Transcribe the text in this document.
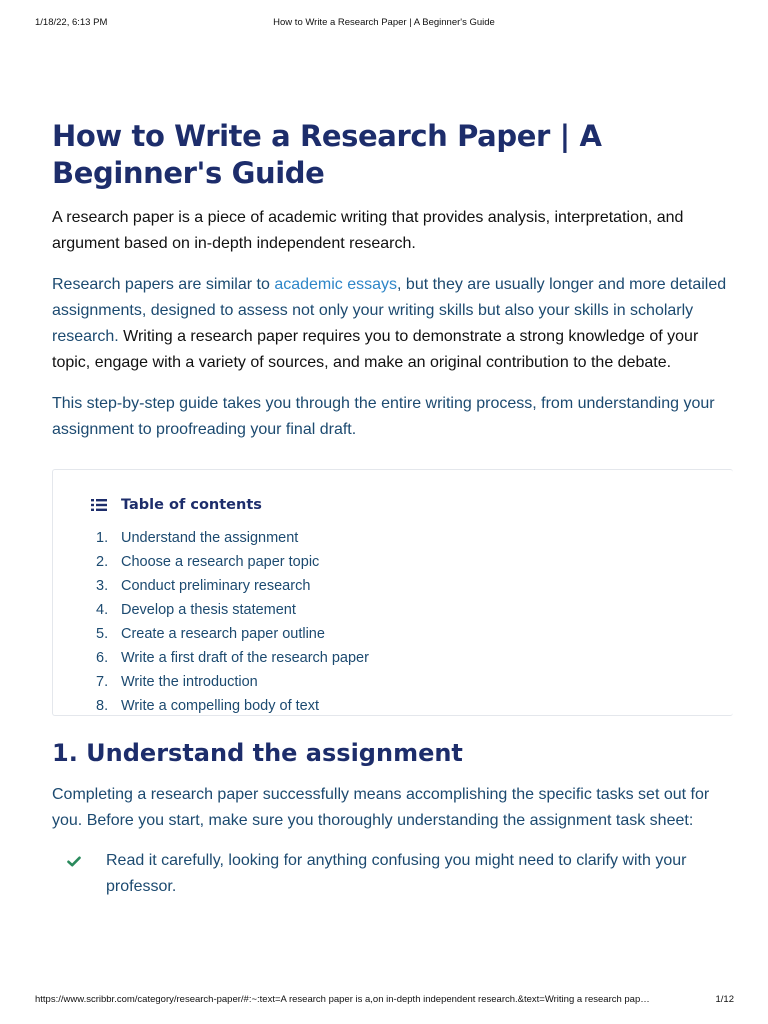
1/18/22, 6:13 PM	How to Write a Research Paper | A Beginner's Guide
How to Write a Research Paper | A Beginner's Guide

A research paper is a piece of academic writing that provides analysis, interpretation, and argument based on in-depth independent research.

Research papers are similar to academic essays, but they are usually longer and more detailed assignments, designed to assess not only your writing skills but also your skills in scholarly research. Writing a research paper requires you to demonstrate a strong knowledge of your topic, engage with a variety of sources, and make an original contribution to the debate.

This step-by-step guide takes you through the entire writing process, from understanding your assignment to proofreading your final draft.

Table of contents
1. Understand the assignment
2. Choose a research paper topic
3. Conduct preliminary research
4. Develop a thesis statement
5. Create a research paper outline
6. Write a first draft of the research paper
7. Write the introduction
8. Write a compelling body of text
1. Understand the assignment

Completing a research paper successfully means accomplishing the specific tasks set out for you. Before you start, make sure you thoroughly understanding the assignment task sheet:

Read it carefully, looking for anything confusing you might need to clarify with your professor.
https://www.scribbr.com/category/research-paper/#:~:text=A research paper is a,on in-depth independent research.&text=Writing a research pap…	1/12
